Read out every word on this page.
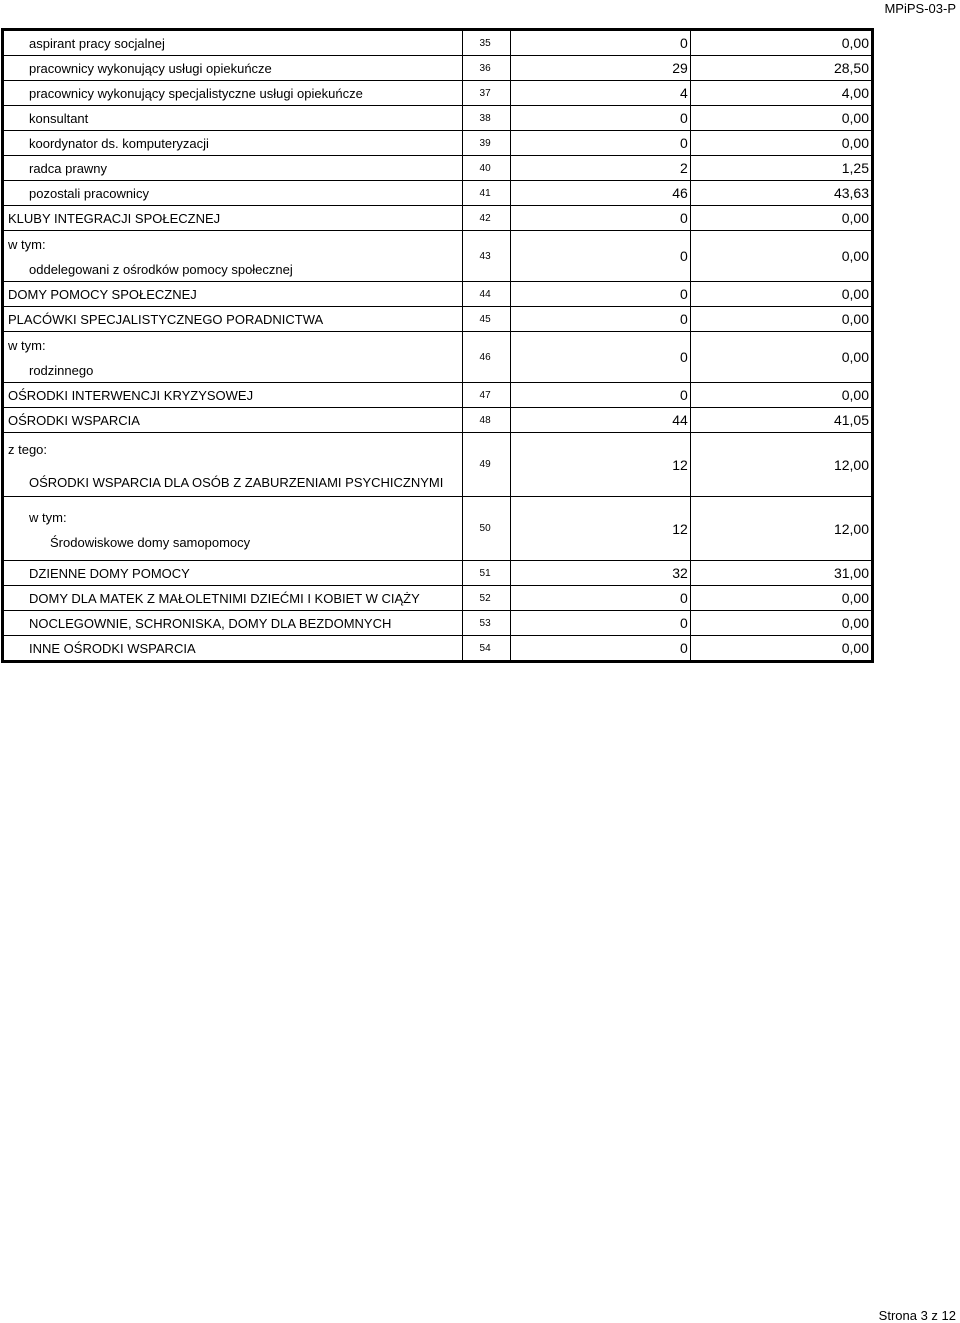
MPiPS-03-P
aspirant pracy socjalnej	35	0	0,00

pracownicy wykonujący usługi opiekuńcze	36	29	28,50

pracownicy wykonujący specjalistyczne usługi opiekuńcze	37	4	4,00

konsultant	38	0	0,00

koordynator ds. komputeryzacji	39	0	0,00

radca prawny	40	2	1,25

pozostali pracownicy	41	46	43,63

KLUBY INTEGRACJI SPOŁECZNEJ	42	0	0,00

w tym:
oddelegowani z ośrodków pomocy społecznej	43	0	0,00

DOMY POMOCY SPOŁECZNEJ	44	0	0,00

PLACÓWKI SPECJALISTYCZNEGO PORADNICTWA	45	0	0,00

w tym:
rodzinnego	46	0	0,00

OŚRODKI INTERWENCJI KRYZYSOWEJ	47	0	0,00

OŚRODKI WSPARCIA	48	44	41,05

z tego:
OŚRODKI WSPARCIA DLA OSÓB Z ZABURZENIAMI PSYCHICZNYMI	49	12	12,00

w tym:
Środowiskowe domy samopomocy	50	12	12,00

DZIENNE DOMY POMOCY	51	32	31,00

DOMY DLA MATEK Z MAŁOLETNIMI DZIEĆMI I KOBIET W CIĄŻY	52	0	0,00

NOCLEGOWNIE, SCHRONISKA, DOMY DLA BEZDOMNYCH	53	0	0,00

INNE OŚRODKI WSPARCIA	54	0	0,00
Strona 3 z 12
